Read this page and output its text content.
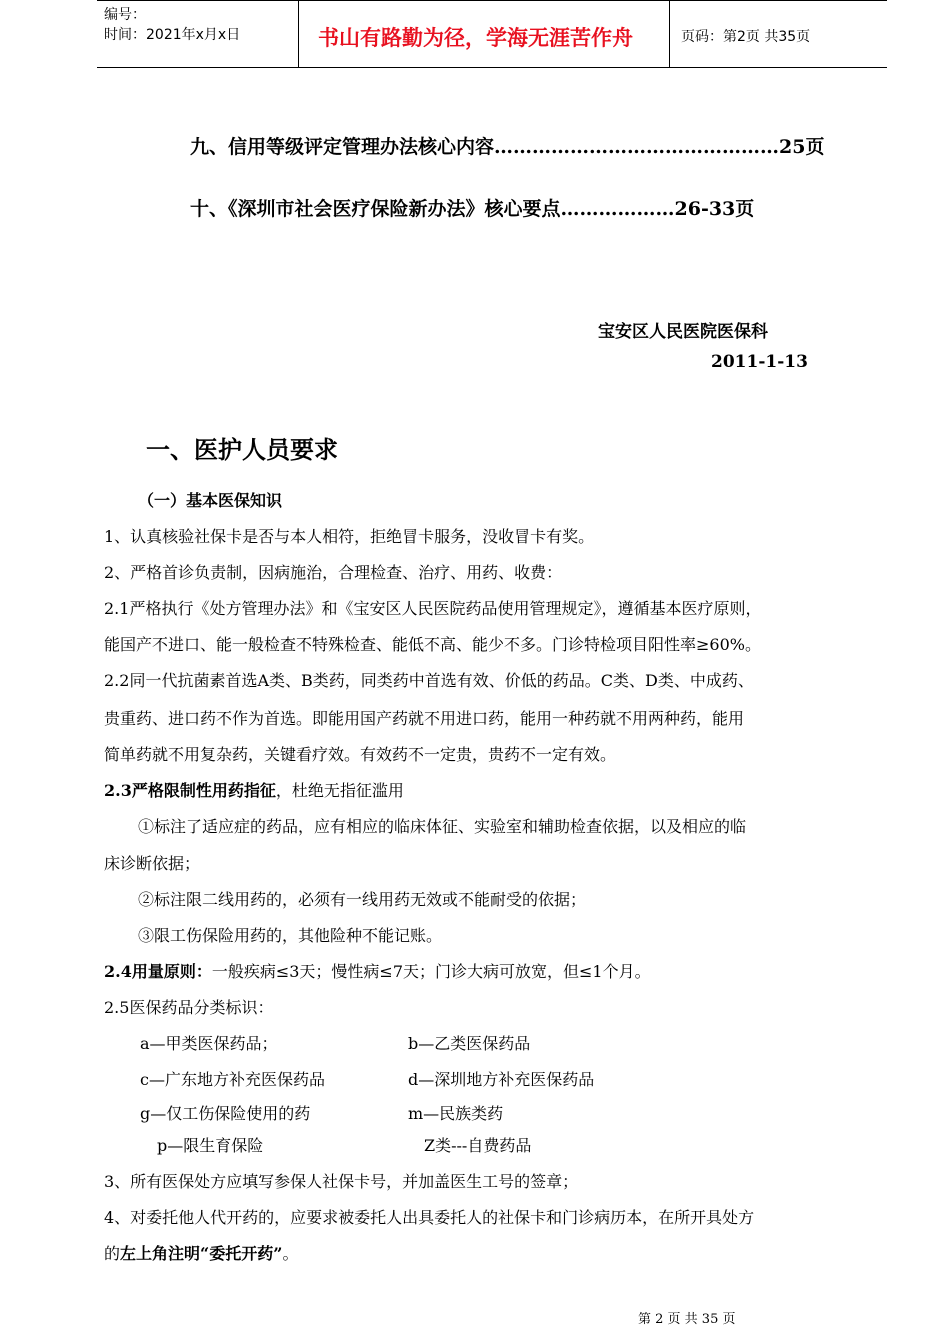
编号：
时间：2021年x月x日	书山有路勤为径，学海无涯苦作舟	页码：第2页 共35页
九、信用等级评定管理办法核心内容………………………………………25页
十、《深圳市社会医疗保险新办法》核心要点………………26-33页
宝安区人民医院医保科
2011-1-13
一、医护人员要求
（一）基本医保知识
1、认真核验社保卡是否与本人相符，拒绝冒卡服务，没收冒卡有奖。
2、严格首诊负责制，因病施治，合理检查、治疗、用药、收费：
2.1严格执行《处方管理办法》和《宝安区人民医院药品使用管理规定》，遵循基本医疗原则，
能国产不进口、能一般检查不特殊检查、能低不高、能少不多。门诊特检项目阳性率≥60%。
2.2同一代抗菌素首选A类、B类药，同类药中首选有效、价低的药品。C类、D类、中成药、
贵重药、进口药不作为首选。即能用国产药就不用进口药，能用一种药就不用两种药，能用
简单药就不用复杂药，关键看疗效。有效药不一定贵，贵药不一定有效。
2.3严格限制性用药指征，杜绝无指征滥用
①标注了适应症的药品，应有相应的临床体征、实验室和辅助检查依据，以及相应的临
床诊断依据；
②标注限二线用药的，必须有一线用药无效或不能耐受的依据；
③限工伤保险用药的，其他险种不能记账。
2.4用量原则：一般疾病≤3天；慢性病≤7天；门诊大病可放宽，但≤1个月。
2.5医保药品分类标识：
a—甲类医保药品；	b—乙类医保药品
c—广东地方补充医保药品	d—深圳地方补充医保药品
g—仅工伤保险使用的药	m—民族类药
p—限生育保险	Z类---自费药品
3、所有医保处方应填写参保人社保卡号，并加盖医生工号的签章；
4、对委托他人代开药的，应要求被委托人出具委托人的社保卡和门诊病历本，在所开具处方
的左上角注明“委托开药”。
第 2 页 共 35 页
